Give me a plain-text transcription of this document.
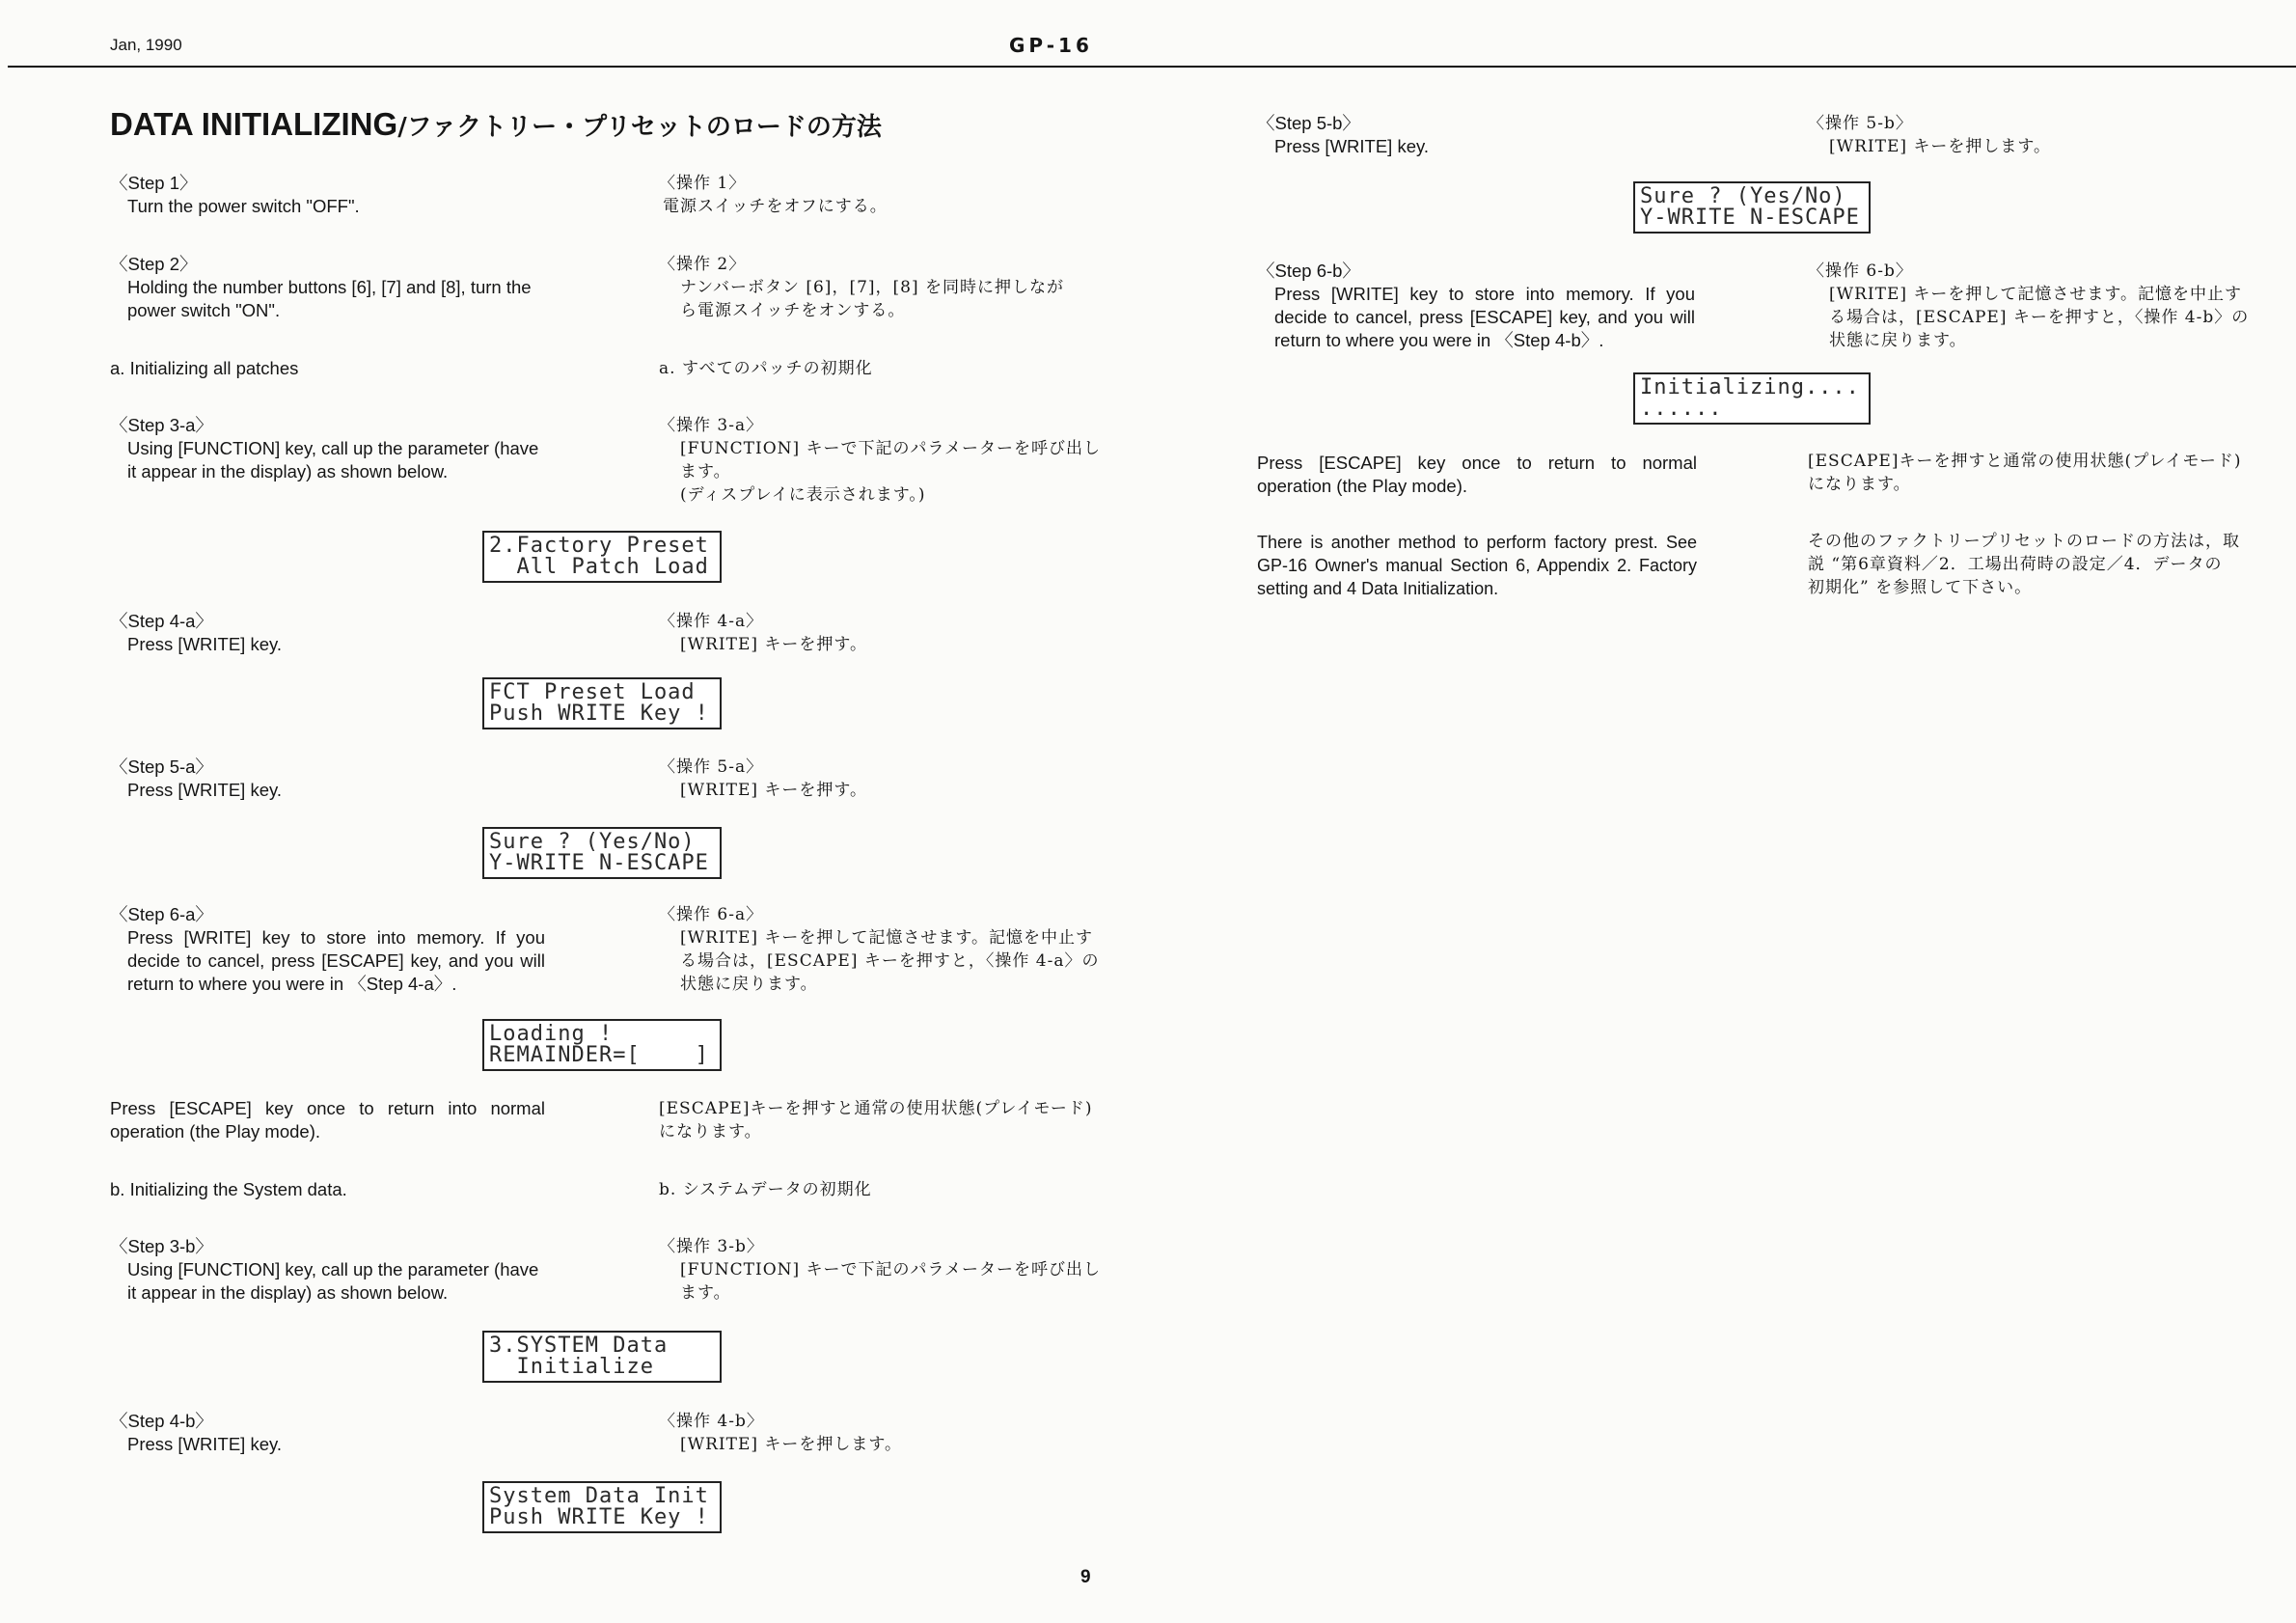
Jan, 1990	GP-16
DATA INITIALIZING/ファクトリー・プリセットのロードの方法
〈Step 1〉
Turn the power switch "OFF".
〈Step 2〉
Holding the number buttons [6], [7] and [8], turn the
power switch "ON".
a. Initializing all patches
〈Step 3-a〉
Using [FUNCTION] key, call up the parameter (have
it appear in the display) as shown below.
〈Step 4-a〉
Press [WRITE] key.
〈Step 5-a〉
Press [WRITE] key.
〈Step 6-a〉
Press [WRITE] key to store into memory. If you
decide to cancel, press [ESCAPE] key, and you will
return to where you were in 〈Step 4-a〉.
Press [ESCAPE] key once to return into normal
operation (the Play mode).
b. Initializing the System data.
〈Step 3-b〉
Using [FUNCTION] key, call up the parameter (have
it appear in the display) as shown below.
〈Step 4-b〉
Press [WRITE] key.
〈操作 1〉
電源スイッチをオフにする。
〈操作 2〉
ナンバーボタン [6]，[7]，[8] を同時に押しなが
ら電源スイッチをオンする。
a. すべてのパッチの初期化
〈操作 3-a〉
[FUNCTION] キーで下記のパラメーターを呼び出し
ます。
(ディスプレイに表示されます。)
〈操作 4-a〉
[WRITE] キーを押す。
〈操作 5-a〉
[WRITE] キーを押す。
〈操作 6-a〉
[WRITE] キーを押して記憶させます。記憶を中止す
る場合は，[ESCAPE] キーを押すと，〈操作 4-a〉の
状態に戻ります。
[ESCAPE]キーを押すと通常の使用状態(プレイモード)
になります。
b. システムデータの初期化
〈操作 3-b〉
[FUNCTION] キーで下記のパラメーターを呼び出し
ます。
〈操作 4-b〉
[WRITE] キーを押します。
2.Factory Preset
All Patch Load
FCT Preset Load
Push WRITE Key !
Sure ? (Yes/No)
Y-WRITE N-ESCAPE
Loading !
REMAINDER=[    ]
3.SYSTEM Data
Initialize
System Data Init
Push WRITE Key !
9
〈Step 5-b〉
Press [WRITE] key.
〈Step 6-b〉
Press [WRITE] key to store into memory. If you
decide to cancel, press [ESCAPE] key, and you will
return to where you were in 〈Step 4-b〉.
Press [ESCAPE] key once to return to normal
operation (the Play mode).
There is another method to perform factory prest. See
GP-16 Owner's manual Section 6, Appendix 2. Factory
setting and 4 Data Initialization.
〈操作 5-b〉
[WRITE] キーを押します。
〈操作 6-b〉
[WRITE] キーを押して記憶させます。記憶を中止す
る場合は，[ESCAPE] キーを押すと，〈操作 4-b〉の
状態に戻ります。
[ESCAPE]キーを押すと通常の使用状態(プレイモード)
になります。
その他のファクトリープリセットのロードの方法は，取
説 “第6章資料／2．工場出荷時の設定／4．データの
初期化” を参照して下さい。
Sure ? (Yes/No)
Y-WRITE N-ESCAPE
Initializing....
......
